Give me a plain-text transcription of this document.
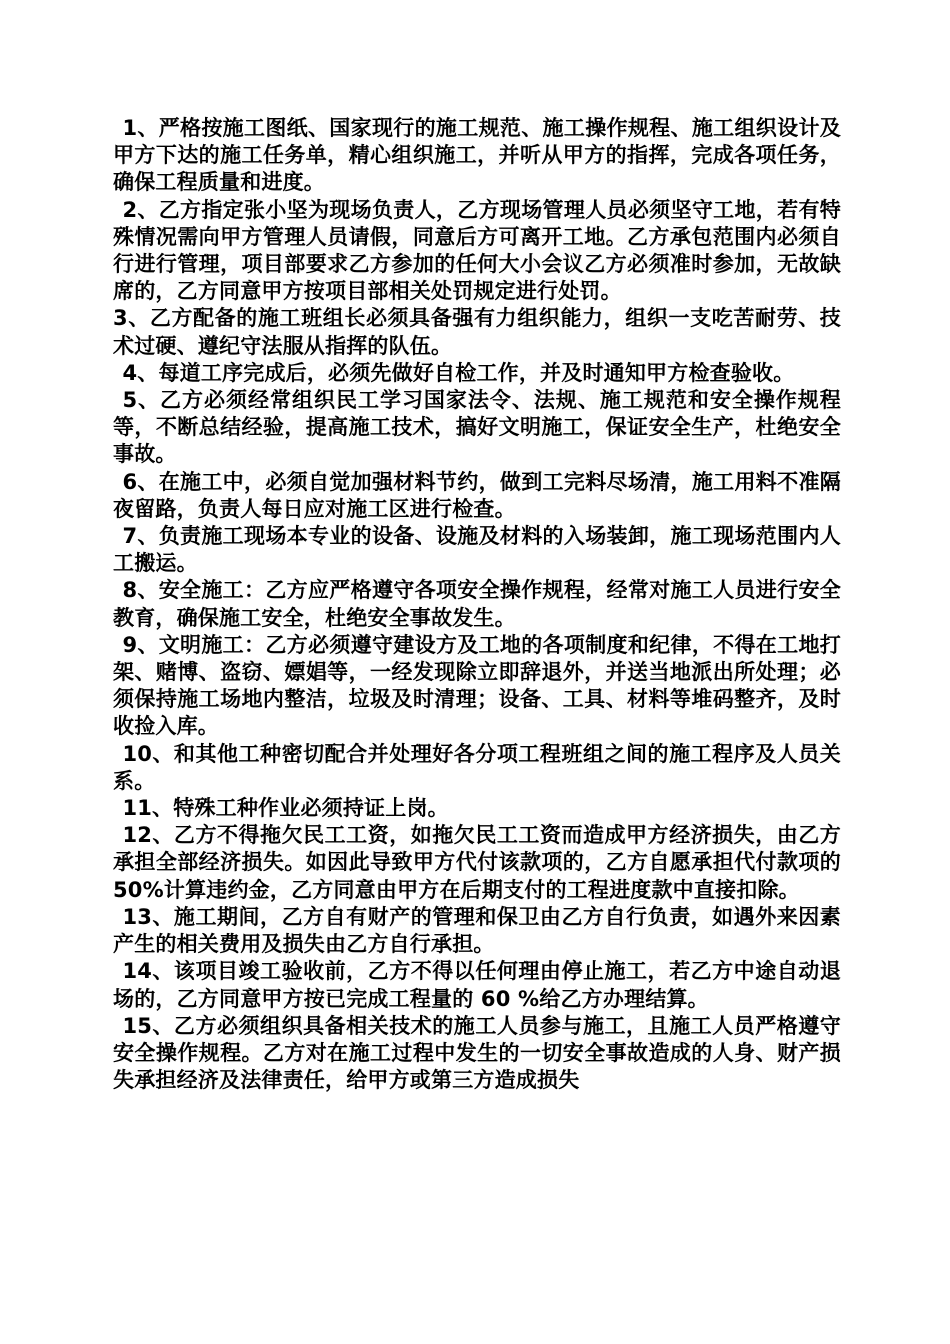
1、严格按施工图纸、国家现行的施工规范、施工操作规程、施工组织设计及甲方下达的施工任务单，精心组织施工，并听从甲方的指挥，完成各项任务，确保工程质量和进度。

2、乙方指定张小坚为现场负责人，乙方现场管理人员必须坚守工地，若有特殊情况需向甲方管理人员请假，同意后方可离开工地。乙方承包范围内必须自行进行管理，项目部要求乙方参加的任何大小会议乙方必须准时参加，无故缺席的，乙方同意甲方按项目部相关处罚规定进行处罚。

3、乙方配备的施工班组长必须具备强有力组织能力，组织一支吃苦耐劳、技 术过硬、遵纪守法服从指挥的队伍。

4、每道工序完成后，必须先做好自检工作，并及时通知甲方检查验收。

5、乙方必须经常组织民工学习国家法令、法规、施工规范和安全操作规程等，不断总结经验，提高施工技术，搞好文明施工，保证安全生产，杜绝安全事故。

6、在施工中，必须自觉加强材料节约，做到工完料尽场清，施工用料不准隔夜留路，负责人每日应对施工区进行检查。

7、负责施工现场本专业的设备、设施及材料的入场装卸，施工现场范围内人工搬运。

8、安全施工：乙方应严格遵守各项安全操作规程，经常对施工人员进行安全教育，确保施工安全，杜绝安全事故发生。

9、文明施工：乙方必须遵守建设方及工地的各项制度和纪律，不得在工地打架、赌博、盗窃、嫖娼等，一经发现除立即辞退外，并送当地派出所处理；必须保持施工场地内整洁，垃圾及时清理；设备、工具、材料等堆码整齐，及时收捡入库。

10、和其他工种密切配合并处理好各分项工程班组之间的施工程序及人员关系。

11、特殊工种作业必须持证上岗。

12、乙方不得拖欠民工工资，如拖欠民工工资而造成甲方经济损失，由乙方承担全部经济损失。如因此导致甲方代付该款项的，乙方自愿承担代付款项的 50%计算违约金，乙方同意由甲方在后期支付的工程进度款中直接扣除。

13、施工期间，乙方自有财产的管理和保卫由乙方自行负责，如遇外来因素产生的相关费用及损失由乙方自行承担。

14、该项目竣工验收前，乙方不得以任何理由停止施工，若乙方中途自动退场的，乙方同意甲方按已完成工程量的 60 %给乙方办理结算。

15、乙方必须组织具备相关技术的施工人员参与施工，且施工人员严格遵守安全操作规程。乙方对在施工过程中发生的一切安全事故造成的人身、财产损失承担经济及法律责任，给甲方或第三方造成损失
